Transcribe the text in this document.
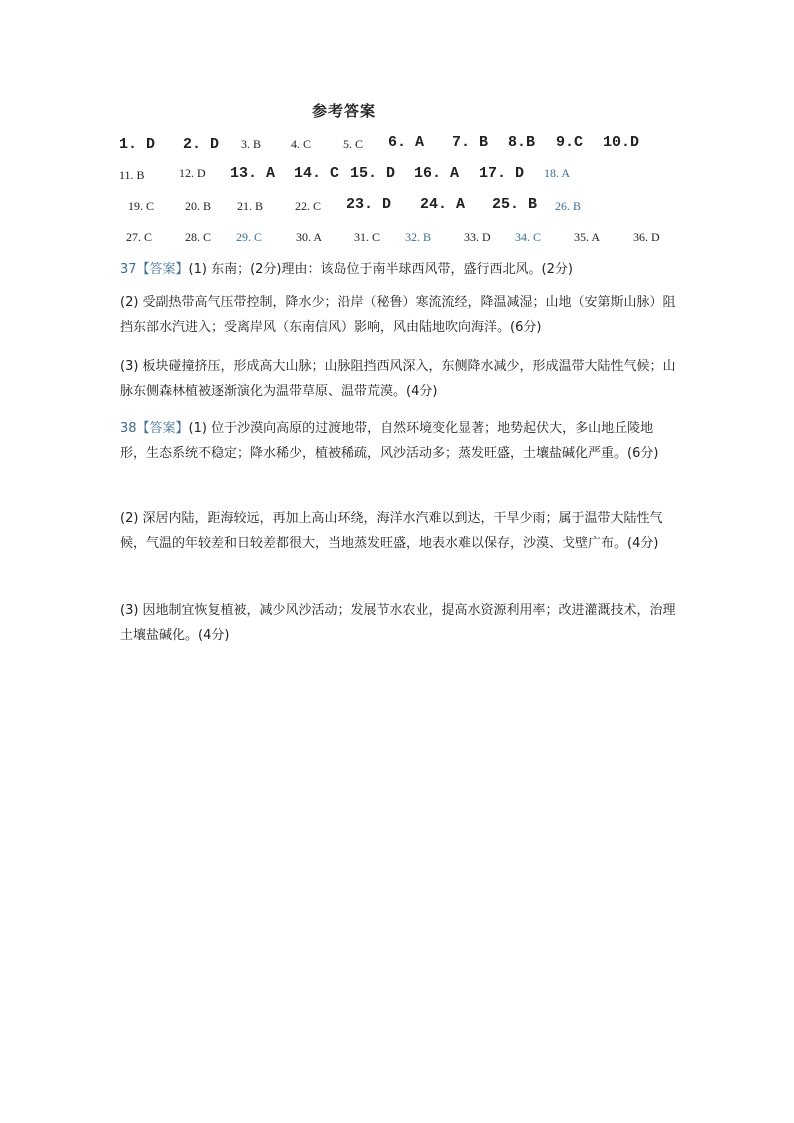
参考答案
1. D 2. D 3. B 4. C	5. C 6. A 7. B 8.B 9.C 10.D
11. B	12. D 13. A 14. C 15. D 16. A 17. D 18. A
19. C	20. B 21. B	22. C 23. D 24. A 25. B 26. B
27. C	28. C 29. C	30. A	31. C 32. B	33. D 34. C	35. A	36. D

37【答案】(1) 东南；(2分)理由：该岛位于南半球西风带，盛行西北风。(2分)

(2) 受副热带高气压带控制，降水少；沿岸（秘鲁）寒流流经，降温减湿；山地（安第斯山脉）阻挡东部水汽进入；受离岸风（东南信风）影响，风由陆地吹向海洋。(6分)

(3) 板块碰撞挤压，形成高大山脉；山脉阻挡西风深入，东侧降水减少，形成温带大陆性气候；山脉东侧森林植被逐渐演化为温带草原、温带荒漠。(4分)

38【答案】(1) 位于沙漠向高原的过渡地带，自然环境变化显著；地势起伏大，多山地丘陵地形，生态系统不稳定；降水稀少，植被稀疏，风沙活动多；蒸发旺盛，土壤盐碱化严重。(6分)

(2) 深居内陆，距海较远，再加上高山环绕，海洋水汽难以到达，干旱少雨；属于温带大陆性气候，气温的年较差和日较差都很大，当地蒸发旺盛，地表水难以保存，沙漠、戈壁广布。(4分)

(3) 因地制宜恢复植被，减少风沙活动；发展节水农业，提高水资源利用率；改进灌溉技术，治理土壤盐碱化。(4分)
